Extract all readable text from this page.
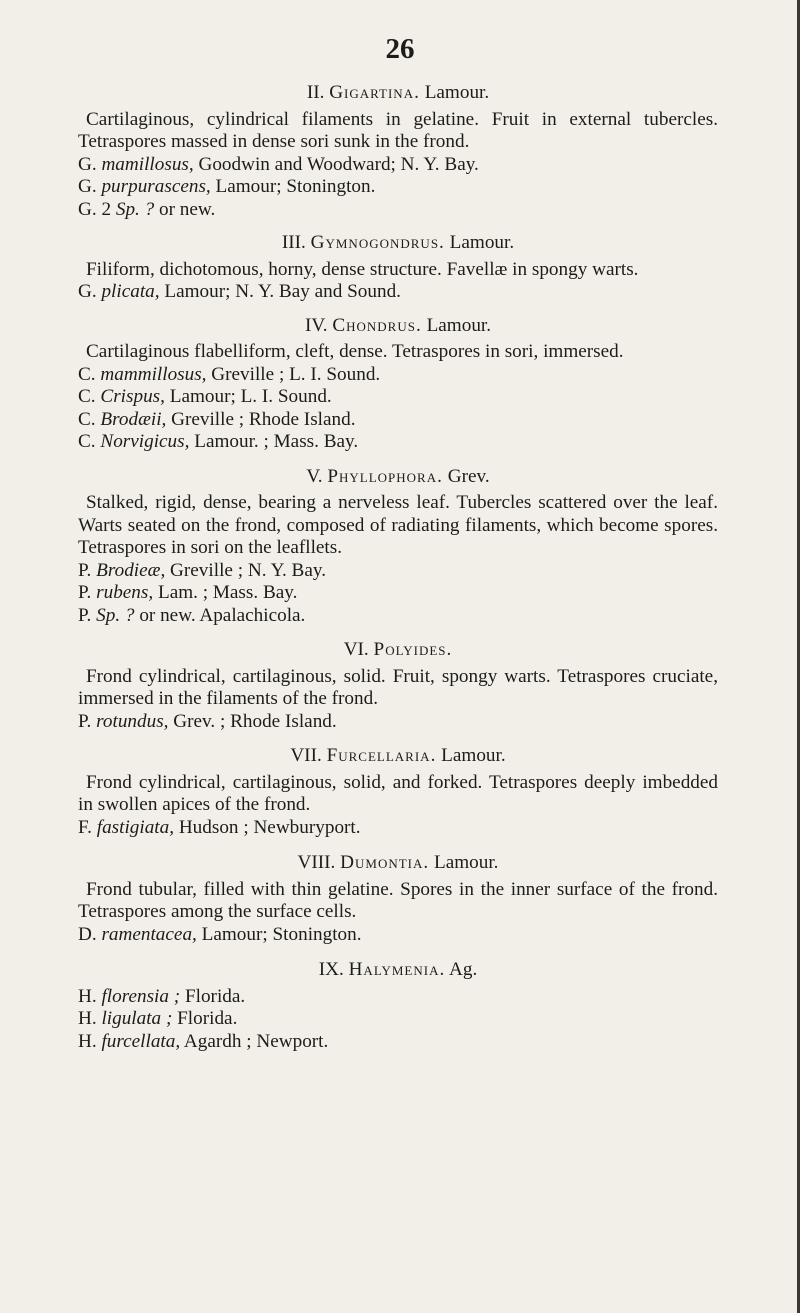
26

II. Gigartina. Lamour.

Cartilaginous, cylindrical filaments in gelatine. Fruit in external tubercles. Tetraspores massed in dense sori sunk in the frond.

G. mamillosus, Goodwin and Woodward; N. Y. Bay.

G. purpurascens, Lamour; Stonington.

G. 2 Sp. ? or new.

III. Gymnogondrus. Lamour.

Filiform, dichotomous, horny, dense structure. Favellæ in spongy warts.

G. plicata, Lamour; N. Y. Bay and Sound.

IV. Chondrus. Lamour.

Cartilaginous flabelliform, cleft, dense. Tetraspores in sori, immersed.

C. mammillosus, Greville ; L. I. Sound.

C. Crispus, Lamour; L. I. Sound.

C. Brodæii, Greville ; Rhode Island.

C. Norvigicus, Lamour. ; Mass. Bay.

V. Phyllophora. Grev.

Stalked, rigid, dense, bearing a nerveless leaf. Tubercles scattered over the leaf. Warts seated on the frond, composed of radiating filaments, which become spores. Tetraspores in sori on the leafllets.

P. Brodieæ, Greville ; N. Y. Bay.

P. rubens, Lam. ; Mass. Bay.

P. Sp. ? or new. Apalachicola.

VI. Polyides.

Frond cylindrical, cartilaginous, solid. Fruit, spongy warts. Tetraspores cruciate, immersed in the filaments of the frond.

P. rotundus, Grev. ; Rhode Island.

VII. Furcellaria. Lamour.

Frond cylindrical, cartilaginous, solid, and forked. Tetraspores deeply imbedded in swollen apices of the frond.

F. fastigiata, Hudson ; Newburyport.

VIII. Dumontia. Lamour.

Frond tubular, filled with thin gelatine. Spores in the inner surface of the frond. Tetraspores among the surface cells.

D. ramentacea, Lamour; Stonington.

IX. Halymenia. Ag.

H. florensia ; Florida.

H. ligulata ; Florida.

H. furcellata, Agardh ; Newport.
